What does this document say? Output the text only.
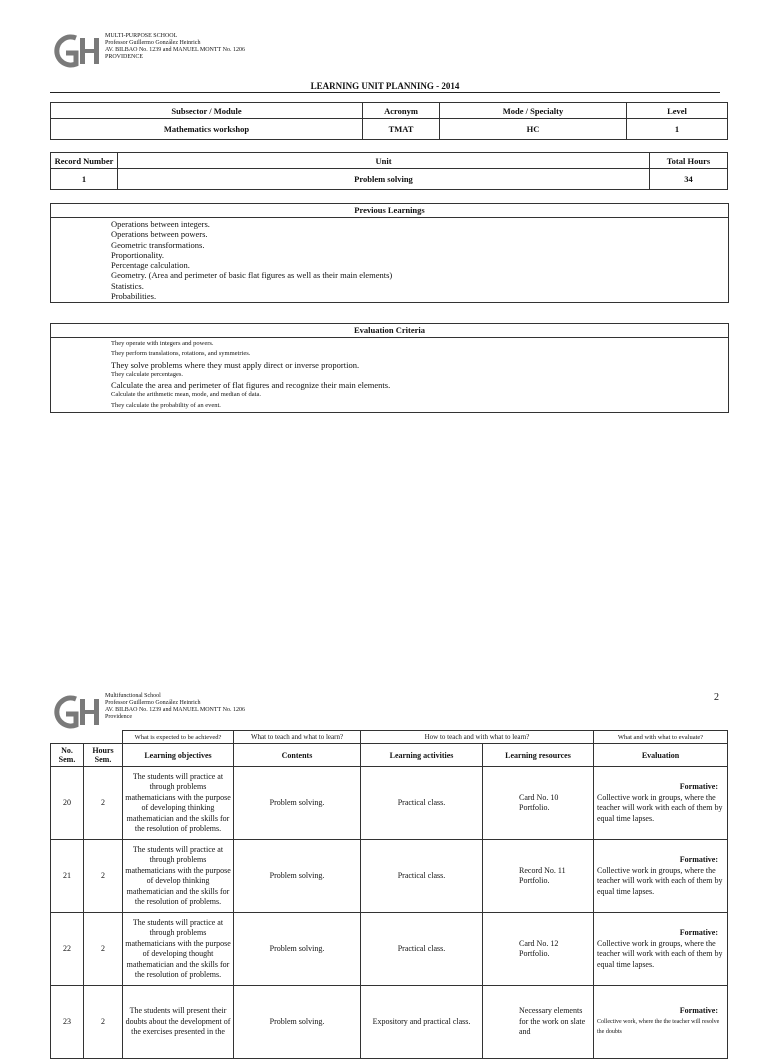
MULTI-PURPOSE SCHOOL
Professor Guillermo González Heinrich
AV. BILBAO No. 1239 and MANUEL MONTT No. 1206
PROVIDENCE
LEARNING UNIT PLANNING - 2014
Subsector / Module	Acronym	Mode / Specialty	Level
Mathematics workshop	TMAT	HC	1
Record Number	Unit	Total Hours
1	Problem solving	34
Previous Learnings
Operations between integers.
Operations between powers.
Geometric transformations.
Proportionality.
Percentage calculation.
Geometry. (Area and perimeter of basic flat figures as well as their main elements)
Statistics.
Probabilities.
Evaluation Criteria
They operate with integers and powers.
They perform translations, rotations, and symmetries.
They solve problems where they must apply direct or inverse proportion.
They calculate percentages.
Calculate the area and perimeter of flat figures and recognize their main elements.
Calculate the arithmetic mean, mode, and median of data.
They calculate the probability of an event.
2
Multifunctional School
Professor Guillermo González Heinrich
AV. BILBAO No. 1239 and MANUEL MONTT No. 1206
Providence
		What is expected to be achieved?	What to teach and what to learn?	How to teach and with what to learn?		What and with what to evaluate?
No. Sem.	Hours Sem.	Learning objectives	Contents	Learning activities	Learning resources	Evaluation
20	2	The students will practice at through problems mathematicians with the purpose of developing thinking mathematician and the skills for the resolution of problems.	Problem solving.	Practical class.	Card No. 10 Portfolio.	Formative:
Collective work in groups, where the teacher will work with each of them by equal time lapses.

21	2	The students will practice at through problems mathematicians with the purpose of develop thinking mathematician and the skills for the resolution of problems.	Problem solving.	Practical class.	Record No. 11 Portfolio.	Formative:
Collective work in groups, where the teacher will work with each of them by equal time lapses.

22	2	The students will practice at through problems mathematicians with the purpose of developing thought mathematician and the skills for the resolution of problems.	Problem solving.	Practical class.	Card No. 12 Portfolio.	Formative:
Collective work in groups, where the teacher will work with each of them by equal time lapses.

23	2	The students will present their doubts about the development of the exercises presented in the	Problem solving.	Expository and practical class.	Necessary elements for the work on slate and	Formative:
Collective work, where the the teacher will resolve the doubts
